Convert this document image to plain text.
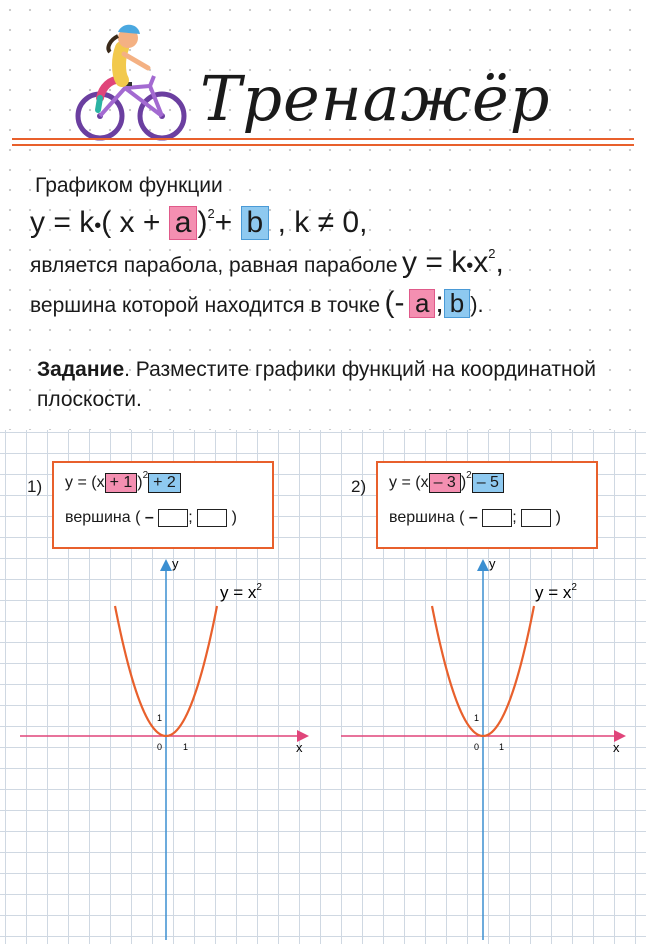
Тренажёр
Графиком функции
y = k•( x + a )$^2$+ b , k ≠ 0,
является парабола, равная параболе $y = k•x^2$,
вершина которой находится в точке (- a ; b ).
Задание. Разместите графики функций на координатной плоскости.
1) y = (x + 1 )$^2$ + 2
вершина ( – ; )
2) y = (x – 3 )$^2$ – 5
вершина ( – ; )
y
x
0 1
1
$y = x^2$
y
x
0 1
1
$y = x^2$
